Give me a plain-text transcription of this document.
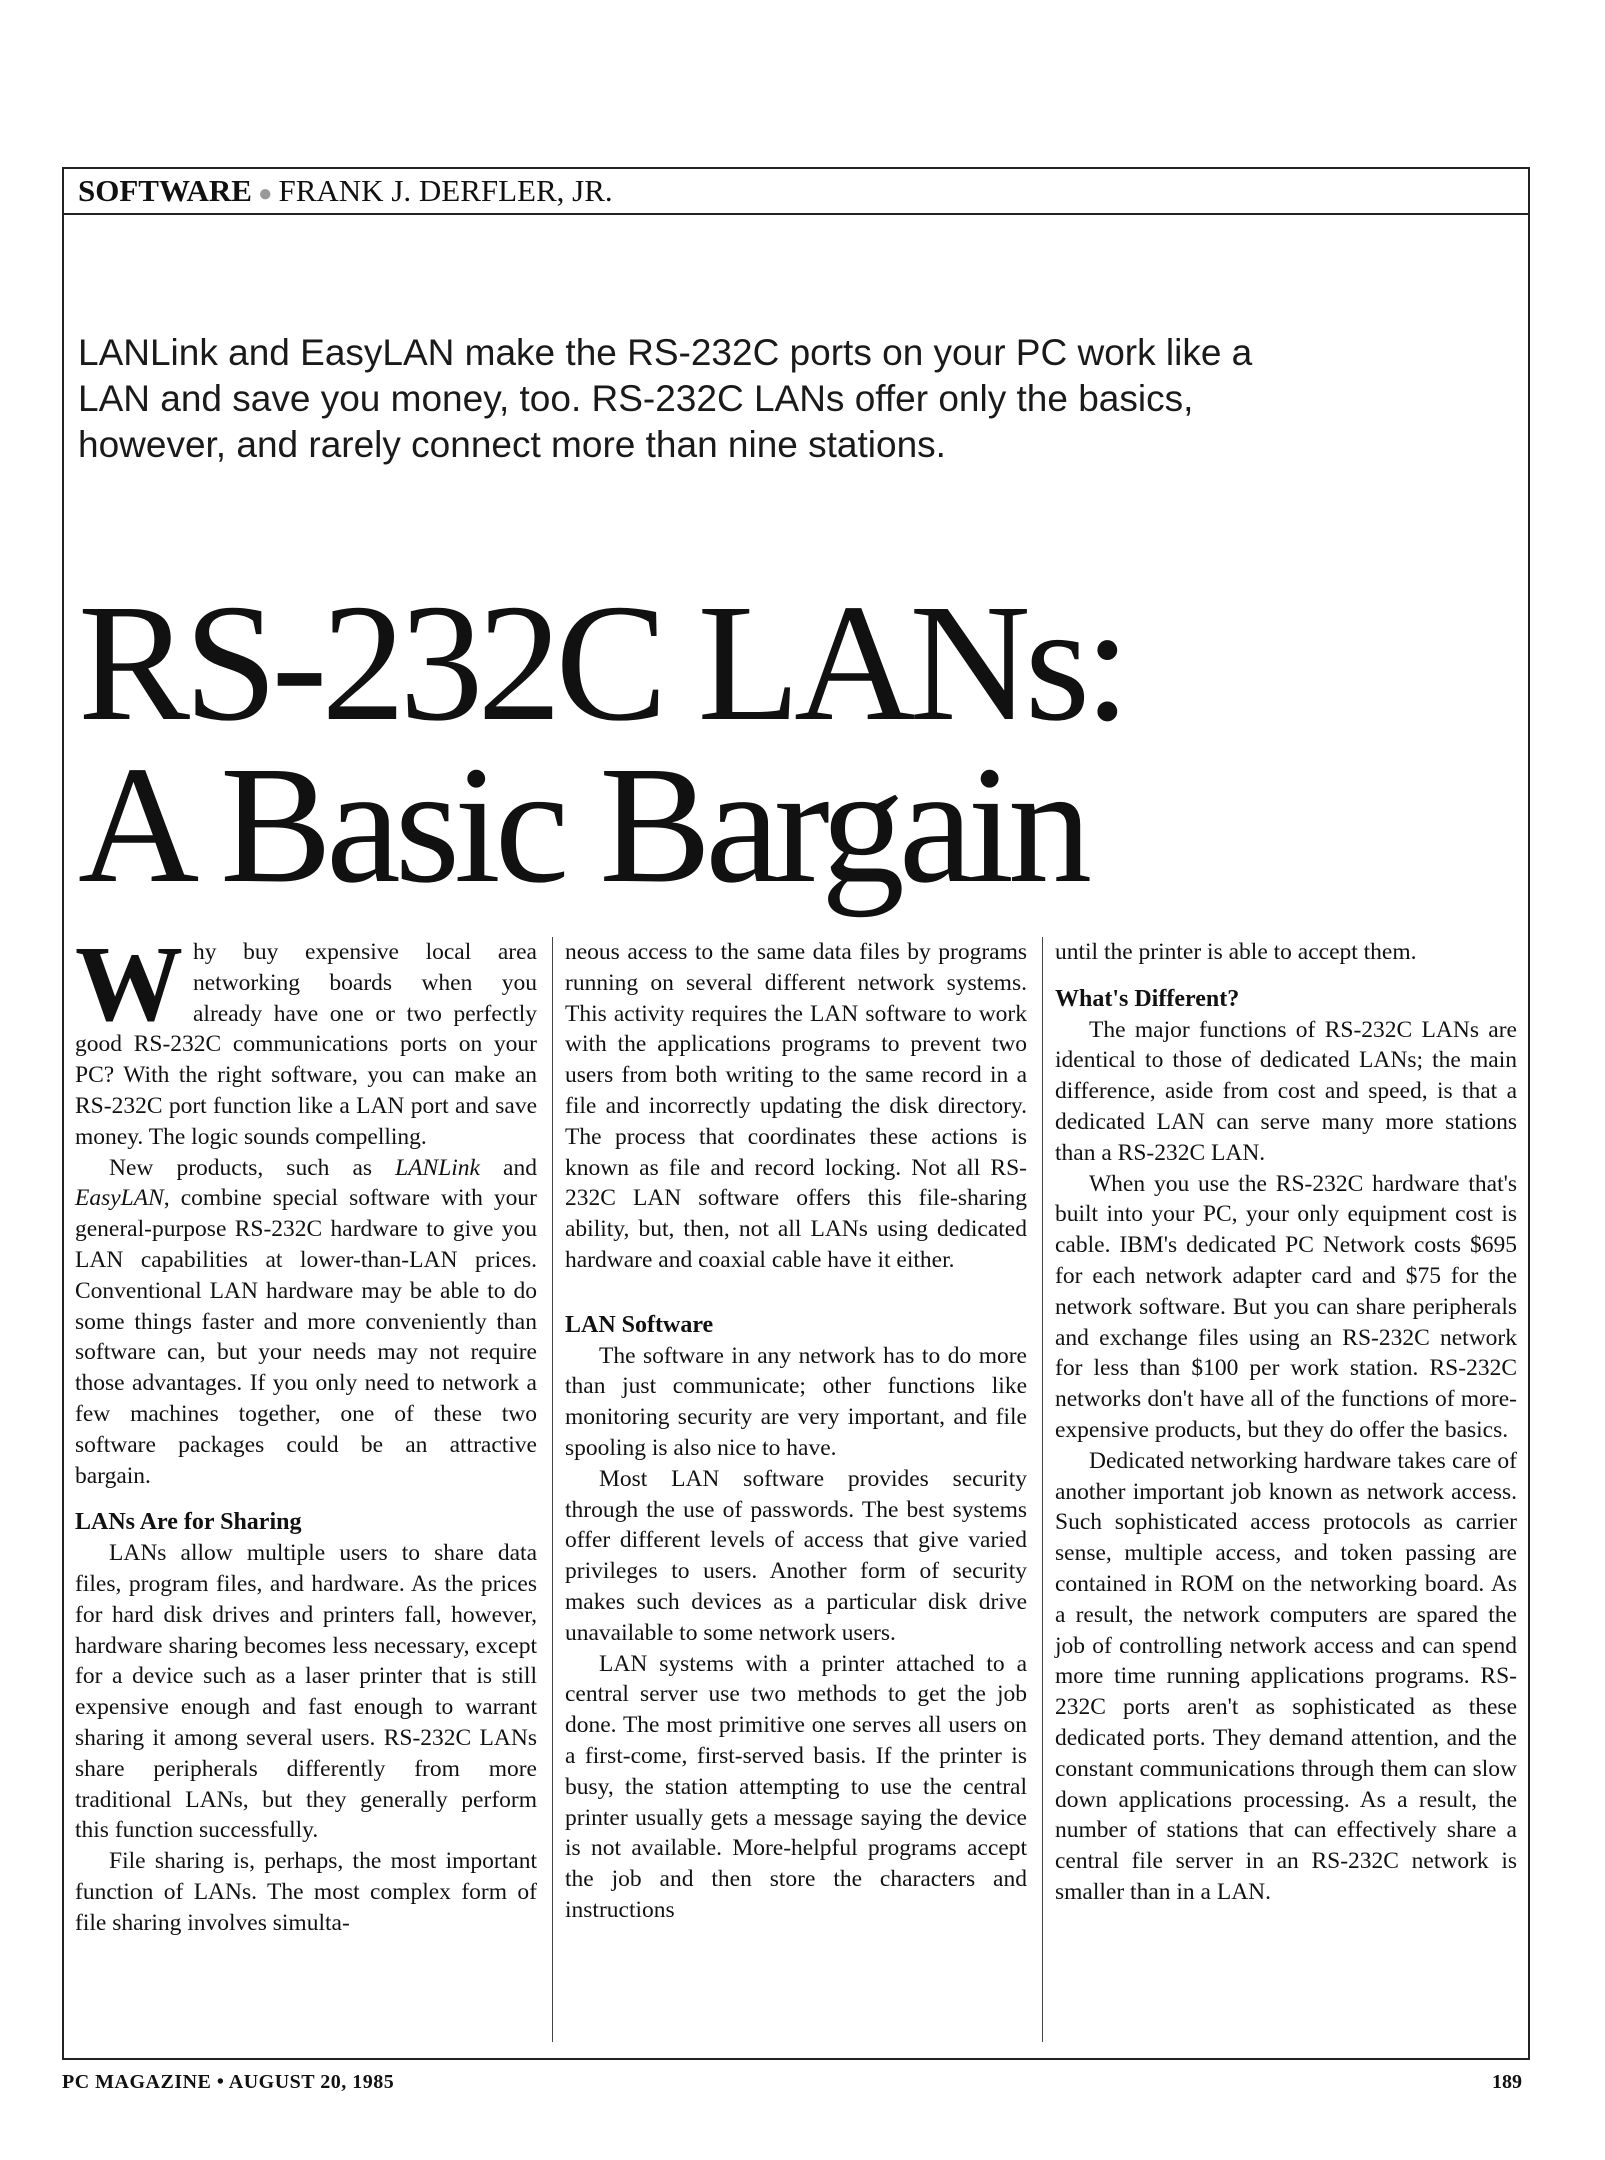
SOFTWARE ● FRANK J. DERFLER, JR.

LANLink and EasyLAN make the RS-232C ports on your PC work like a

LAN and save you money, too. RS-232C LANs offer only the basics,

however, and rarely connect more than nine stations.

RS-232C LANs:
A Basic Bargain

Why buy expensive local area networking boards when you already have one or two perfectly good RS-232C communications ports on your PC? With the right software, you can make an RS-232C port function like a LAN port and save money. The logic sounds compelling.

New products, such as LANLink and EasyLAN, combine special software with your general-purpose RS-232C hardware to give you LAN capabilities at lower-than-LAN prices. Conventional LAN hardware may be able to do some things faster and more conveniently than software can, but your needs may not require those advantages. If you only need to network a few machines together, one of these two software packages could be an attractive bargain.

LANs Are for Sharing

LANs allow multiple users to share data files, program files, and hardware. As the prices for hard disk drives and printers fall, however, hardware sharing becomes less necessary, except for a device such as a laser printer that is still expensive enough and fast enough to warrant sharing it among several users. RS-232C LANs share peripherals differently from more traditional LANs, but they generally perform this function successfully.

File sharing is, perhaps, the most important function of LANs. The most complex form of file sharing involves simulta-

neous access to the same data files by programs running on several different network systems. This activity requires the LAN software to work with the applications programs to prevent two users from both writing to the same record in a file and incorrectly updating the disk directory. The process that coordinates these actions is known as file and record locking. Not all RS-232C LAN software offers this file-sharing ability, but, then, not all LANs using dedicated hardware and coaxial cable have it either.

LAN Software

The software in any network has to do more than just communicate; other functions like monitoring security are very important, and file spooling is also nice to have.

Most LAN software provides security through the use of passwords. The best systems offer different levels of access that give varied privileges to users. Another form of security makes such devices as a particular disk drive unavailable to some network users.

LAN systems with a printer attached to a central server use two methods to get the job done. The most primitive one serves all users on a first-come, first-served basis. If the printer is busy, the station attempting to use the central printer usually gets a message saying the device is not available. More-helpful programs accept the job and then store the characters and instructions

until the printer is able to accept them.

What's Different?

The major functions of RS-232C LANs are identical to those of dedicated LANs; the main difference, aside from cost and speed, is that a dedicated LAN can serve many more stations than a RS-232C LAN.

When you use the RS-232C hardware that's built into your PC, your only equipment cost is cable. IBM's dedicated PC Network costs $695 for each network adapter card and $75 for the network software. But you can share peripherals and exchange files using an RS-232C network for less than $100 per work station. RS-232C networks don't have all of the functions of more-expensive products, but they do offer the basics.

Dedicated networking hardware takes care of another important job known as network access. Such sophisticated access protocols as carrier sense, multiple access, and token passing are contained in ROM on the networking board. As a result, the network computers are spared the job of controlling network access and can spend more time running applications programs. RS-232C ports aren't as sophisticated as these dedicated ports. They demand attention, and the constant communications through them can slow down applications processing. As a result, the number of stations that can effectively share a central file server in an RS-232C network is smaller than in a LAN.

PC MAGAZINE • AUGUST 20, 1985	189
